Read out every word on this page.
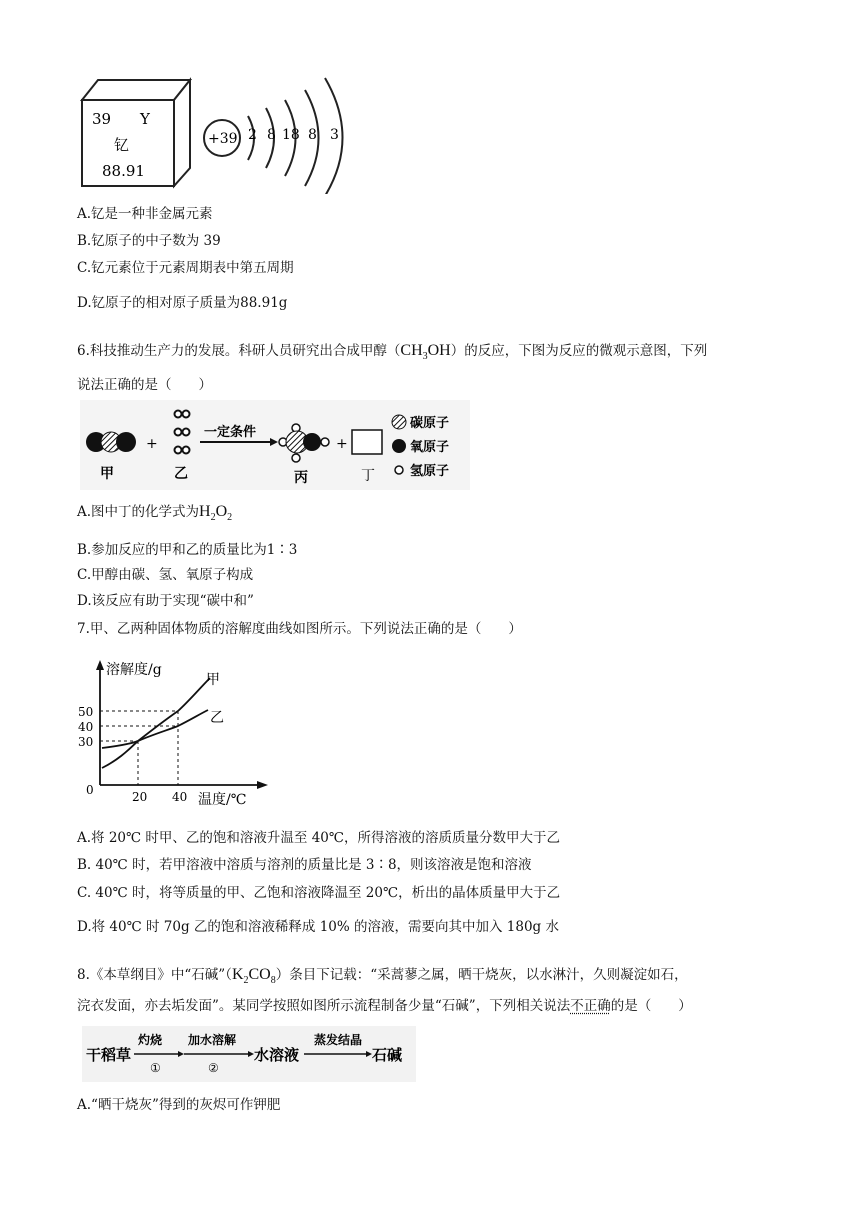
39 Y
钇
88.91
+39 2 8 18 8 3
A.钇是一种非金属元素
B.钇原子的中子数为 39
C.钇元素位于元素周期表中第五周期
D.钇原子的相对原子质量为88.91g
6.科技推动生产力的发展。科研人员研究出合成甲醇$(CH_3OH)$的反应，下图为反应的微观示意图，下列
说法正确的是（　　）
甲
+
乙
一定条件
丙
+
丁
碳原子
氧原子
氢原子
A.图中丁的化学式为$H_2O_2$
B.参加反应的甲和乙的质量比为1∶3
C.甲醇由碳、氢、氧原子构成
D.该反应有助于实现“碳中和”
7.甲、乙两种固体物质的溶解度曲线如图所示。下列说法正确的是（　　）
溶解度/g
温度/℃
0
50
40
30
20 40
甲
乙
A.将 20℃ 时甲、乙的饱和溶液升温至 40℃，所得溶液的溶质质量分数甲大于乙
B. 40℃ 时，若甲溶液中溶质与溶剂的质量比是 3∶8，则该溶液是饱和溶液
C. 40℃ 时，将等质量的甲、乙饱和溶液降温至 20℃，析出的晶体质量甲大于乙
D.将 40℃ 时 70g 乙的饱和溶液稀释成 10% 的溶液，需要向其中加入 180g 水
8.《本草纲目》中“石碱$”(K_2CO_8)$条目下记载：“采蒿蓼之属，晒干烧灰，以水淋汁，久则凝淀如石，
浣衣发面，亦去垢发面”。某同学按照如图所示流程制备少量“石碱”，下列相关说法不正确的是（　　）
干稻草
灼烧
①
加水溶解
②
水溶液
蒸发结晶
石碱
A.“晒干烧灰”得到的灰烬可作钾肥
